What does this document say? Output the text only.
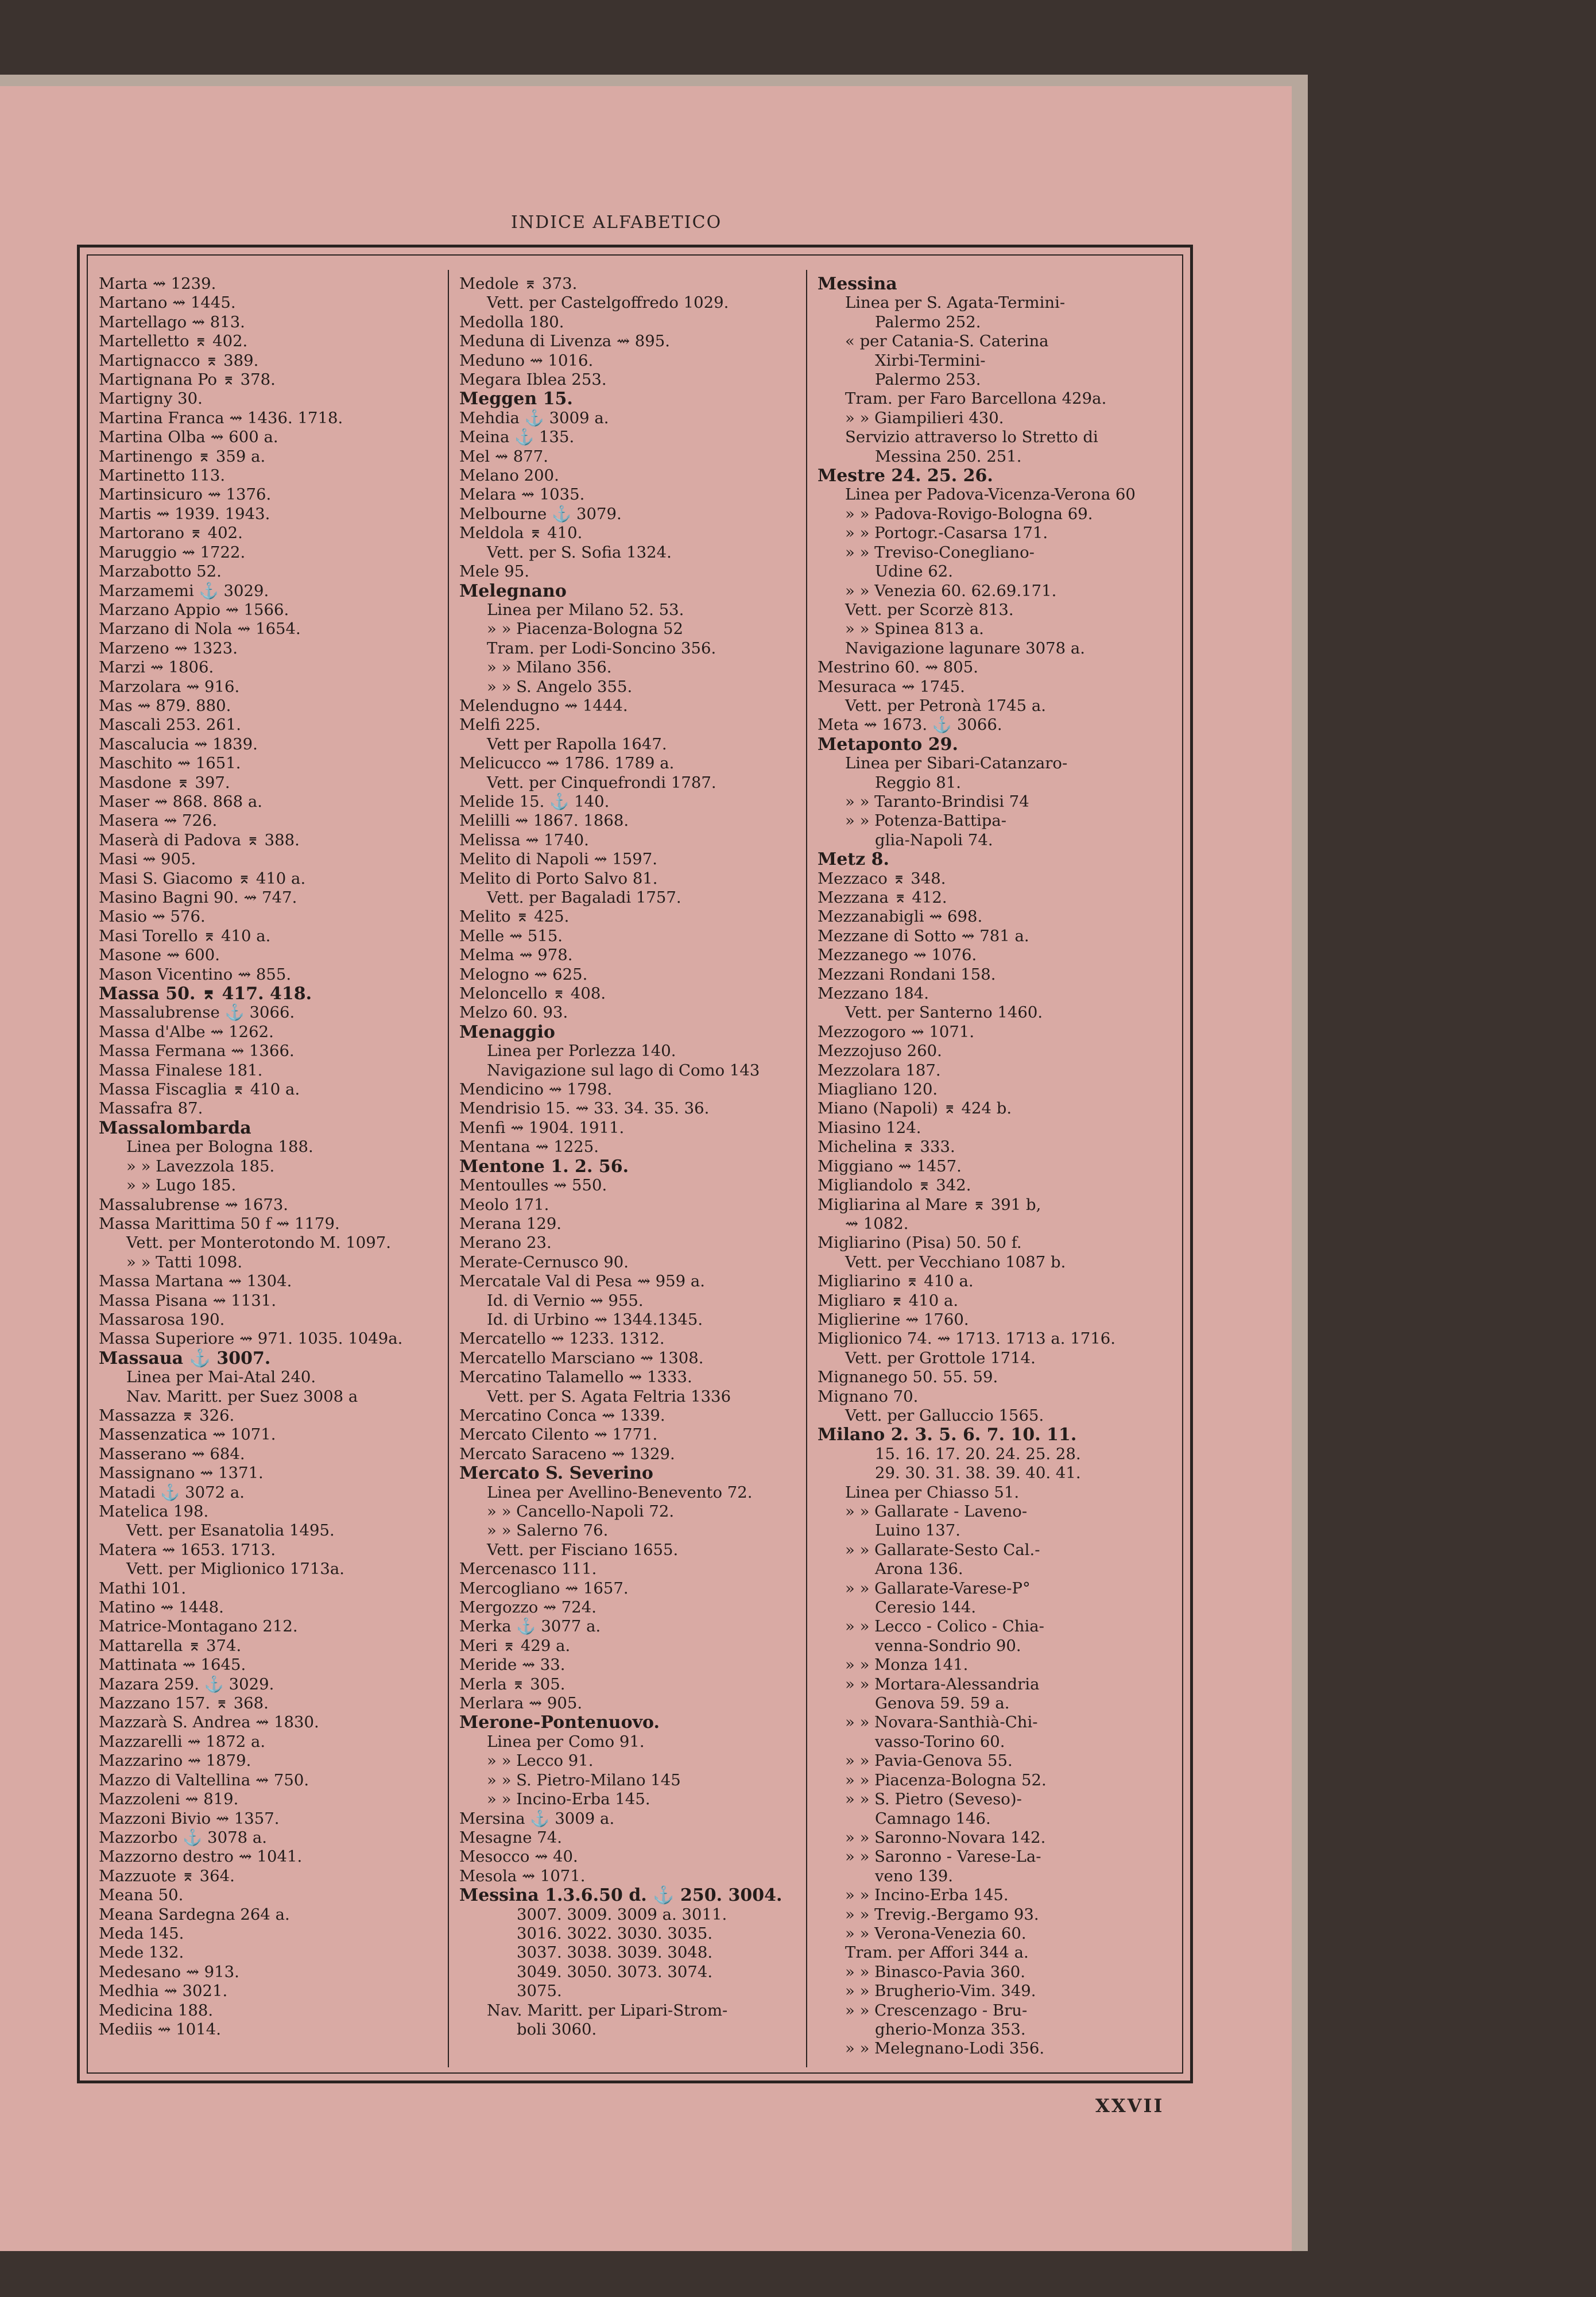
INDICE ALFABETICO
Marta ⇝ 1239.
Martano ⇝ 1445.
Martellago ⇝ 813.
Martelletto ⌆ 402.
Martignacco ⌆ 389.
Martignana Po ⌆ 378.
Martigny 30.
Martina Franca ⇝ 1436. 1718.
Martina Olba ⇝ 600 a.
Martinengo ⌆ 359 a.
Martinetto 113.
Martinsicuro ⇝ 1376.
Martis ⇝ 1939. 1943.
Martorano ⌆ 402.
Maruggio ⇝ 1722.
Marzabotto 52.
Marzamemi ⚓ 3029.
Marzano Appio ⇝ 1566.
Marzano di Nola ⇝ 1654.
Marzeno ⇝ 1323.
Marzi ⇝ 1806.
Marzolara ⇝ 916.
Mas ⇝ 879. 880.
Mascali 253. 261.
Mascalucia ⇝ 1839.
Maschito ⇝ 1651.
Masdone ⌆ 397.
Maser ⇝ 868. 868 a.
Masera ⇝ 726.
Maserà di Padova ⌆ 388.
Masi ⇝ 905.
Masi S. Giacomo ⌆ 410 a.
Masino Bagni 90. ⇝ 747.
Masio ⇝ 576.
Masi Torello ⌆ 410 a.
Masone ⇝ 600.
Mason Vicentino ⇝ 855.
Massa 50. ⌆ 417. 418.
Massalubrense ⚓ 3066.
Massa d'Albe ⇝ 1262.
Massa Fermana ⇝ 1366.
Massa Finalese 181.
Massa Fiscaglia ⌆ 410 a.
Massafra 87.
Massalombarda
Linea per Bologna 188.
» » Lavezzola 185.
» » Lugo 185.
Massalubrense ⇝ 1673.
Massa Marittima 50 f ⇝ 1179.
Vett. per Monterotondo M. 1097.
» » Tatti 1098.
Massa Martana ⇝ 1304.
Massa Pisana ⇝ 1131.
Massarosa 190.
Massa Superiore ⇝ 971. 1035. 1049a.
Massaua ⚓ 3007.
Linea per Mai-Atal 240.
Nav. Maritt. per Suez 3008 a
Massazza ⌆ 326.
Massenzatica ⇝ 1071.
Masserano ⇝ 684.
Massignano ⇝ 1371.
Matadi ⚓ 3072 a.
Matelica 198.
Vett. per Esanatolia 1495.
Matera ⇝ 1653. 1713.
Vett. per Miglionico 1713a.
Mathi 101.
Matino ⇝ 1448.
Matrice-Montagano 212.
Mattarella ⌆ 374.
Mattinata ⇝ 1645.
Mazara 259. ⚓ 3029.
Mazzano 157. ⌆ 368.
Mazzarà S. Andrea ⇝ 1830.
Mazzarelli ⇝ 1872 a.
Mazzarino ⇝ 1879.
Mazzo di Valtellina ⇝ 750.
Mazzoleni ⇝ 819.
Mazzoni Bivio ⇝ 1357.
Mazzorbo ⚓ 3078 a.
Mazzorno destro ⇝ 1041.
Mazzuote ⌆ 364.
Meana 50.
Meana Sardegna 264 a.
Meda 145.
Mede 132.
Medesano ⇝ 913.
Medhia ⇝ 3021.
Medicina 188.
Mediis ⇝ 1014.
Medole ⌆ 373.
Vett. per Castelgoffredo 1029.
Medolla 180.
Meduna di Livenza ⇝ 895.
Meduno ⇝ 1016.
Megara Iblea 253.
Meggen 15.
Mehdia ⚓ 3009 a.
Meina ⚓ 135.
Mel ⇝ 877.
Melano 200.
Melara ⇝ 1035.
Melbourne ⚓ 3079.
Meldola ⌆ 410.
Vett. per S. Sofia 1324.
Mele 95.
Melegnano
Linea per Milano 52. 53.
» » Piacenza-Bologna 52
Tram. per Lodi-Soncino 356.
» » Milano 356.
» » S. Angelo 355.
Melendugno ⇝ 1444.
Melfi 225.
Vett per Rapolla 1647.
Melicucco ⇝ 1786. 1789 a.
Vett. per Cinquefrondi 1787.
Melide 15. ⚓ 140.
Melilli ⇝ 1867. 1868.
Melissa ⇝ 1740.
Melito di Napoli ⇝ 1597.
Melito di Porto Salvo 81.
Vett. per Bagaladi 1757.
Melito ⌆ 425.
Melle ⇝ 515.
Melma ⇝ 978.
Melogno ⇝ 625.
Meloncello ⌆ 408.
Melzo 60. 93.
Menaggio
Linea per Porlezza 140.
Navigazione sul lago di Como 143
Mendicino ⇝ 1798.
Mendrisio 15. ⇝ 33. 34. 35. 36.
Menfi ⇝ 1904. 1911.
Mentana ⇝ 1225.
Mentone 1. 2. 56.
Mentoulles ⇝ 550.
Meolo 171.
Merana 129.
Merano 23.
Merate-Cernusco 90.
Mercatale Val di Pesa ⇝ 959 a.
Id. di Vernio ⇝ 955.
Id. di Urbino ⇝ 1344.1345.
Mercatello ⇝ 1233. 1312.
Mercatello Marsciano ⇝ 1308.
Mercatino Talamello ⇝ 1333.
Vett. per S. Agata Feltria 1336
Mercatino Conca ⇝ 1339.
Mercato Cilento ⇝ 1771.
Mercato Saraceno ⇝ 1329.
Mercato S. Severino
Linea per Avellino-Benevento 72.
» » Cancello-Napoli 72.
» » Salerno 76.
Vett. per Fisciano 1655.
Mercenasco 111.
Mercogliano ⇝ 1657.
Mergozzo ⇝ 724.
Merka ⚓ 3077 a.
Meri ⌆ 429 a.
Meride ⇝ 33.
Merla ⌆ 305.
Merlara ⇝ 905.
Merone-Pontenuovo.
Linea per Como 91.
» » Lecco 91.
» » S. Pietro-Milano 145
» » Incino-Erba 145.
Mersina ⚓ 3009 a.
Mesagne 74.
Mesocco ⇝ 40.
Mesola ⇝ 1071.
Messina 1.3.6.50 d. ⚓ 250. 3004.
3007. 3009. 3009 a. 3011.
3016. 3022. 3030. 3035.
3037. 3038. 3039. 3048.
3049. 3050. 3073. 3074.
3075.
Nav. Maritt. per Lipari-Strom-
boli 3060.
Messina
Linea per S. Agata-Termini-
Palermo 252.
« per Catania-S. Caterina
Xirbi-Termini-
Palermo 253.
Tram. per Faro Barcellona 429a.
» » Giampilieri 430.
Servizio attraverso lo Stretto di
Messina 250. 251.
Mestre 24. 25. 26.
Linea per Padova-Vicenza-Verona 60
» » Padova-Rovigo-Bologna 69.
» » Portogr.-Casarsa 171.
» » Treviso-Conegliano-
Udine 62.
» » Venezia 60. 62.69.171.
Vett. per Scorzè 813.
» » Spinea 813 a.
Navigazione lagunare 3078 a.
Mestrino 60. ⇝ 805.
Mesuraca ⇝ 1745.
Vett. per Petronà 1745 a.
Meta ⇝ 1673. ⚓ 3066.
Metaponto 29.
Linea per Sibari-Catanzaro-
Reggio 81.
» » Taranto-Brindisi 74
» » Potenza-Battipa-
glia-Napoli 74.
Metz 8.
Mezzaco ⌆ 348.
Mezzana ⌆ 412.
Mezzanabigli ⇝ 698.
Mezzane di Sotto ⇝ 781 a.
Mezzanego ⇝ 1076.
Mezzani Rondani 158.
Mezzano 184.
Vett. per Santerno 1460.
Mezzogoro ⇝ 1071.
Mezzojuso 260.
Mezzolara 187.
Miagliano 120.
Miano (Napoli) ⌆ 424 b.
Miasino 124.
Michelina ⌆ 333.
Miggiano ⇝ 1457.
Migliandolo ⌆ 342.
Migliarina al Mare ⌆ 391 b,
⇝ 1082.
Migliarino (Pisa) 50. 50 f.
Vett. per Vecchiano 1087 b.
Migliarino ⌆ 410 a.
Migliaro ⌆ 410 a.
Miglierine ⇝ 1760.
Miglionico 74. ⇝ 1713. 1713 a. 1716.
Vett. per Grottole 1714.
Mignanego 50. 55. 59.
Mignano 70.
Vett. per Galluccio 1565.
Milano 2. 3. 5. 6. 7. 10. 11.
15. 16. 17. 20. 24. 25. 28.
29. 30. 31. 38. 39. 40. 41.
Linea per Chiasso 51.
» » Gallarate - Laveno-
Luino 137.
» » Gallarate-Sesto Cal.-
Arona 136.
» » Gallarate-Varese-P°
Ceresio 144.
» » Lecco - Colico - Chia-
venna-Sondrio 90.
» » Monza 141.
» » Mortara-Alessandria
Genova 59. 59 a.
» » Novara-Santhià-Chi-
vasso-Torino 60.
» » Pavia-Genova 55.
» » Piacenza-Bologna 52.
» » S. Pietro (Seveso)-
Camnago 146.
» » Saronno-Novara 142.
» » Saronno - Varese-La-
veno 139.
» » Incino-Erba 145.
» » Trevig.-Bergamo 93.
» » Verona-Venezia 60.
Tram. per Affori 344 a.
» » Binasco-Pavia 360.
» » Brugherio-Vim. 349.
» » Crescenzago - Bru-
gherio-Monza 353.
» » Melegnano-Lodi 356.
XXVII
